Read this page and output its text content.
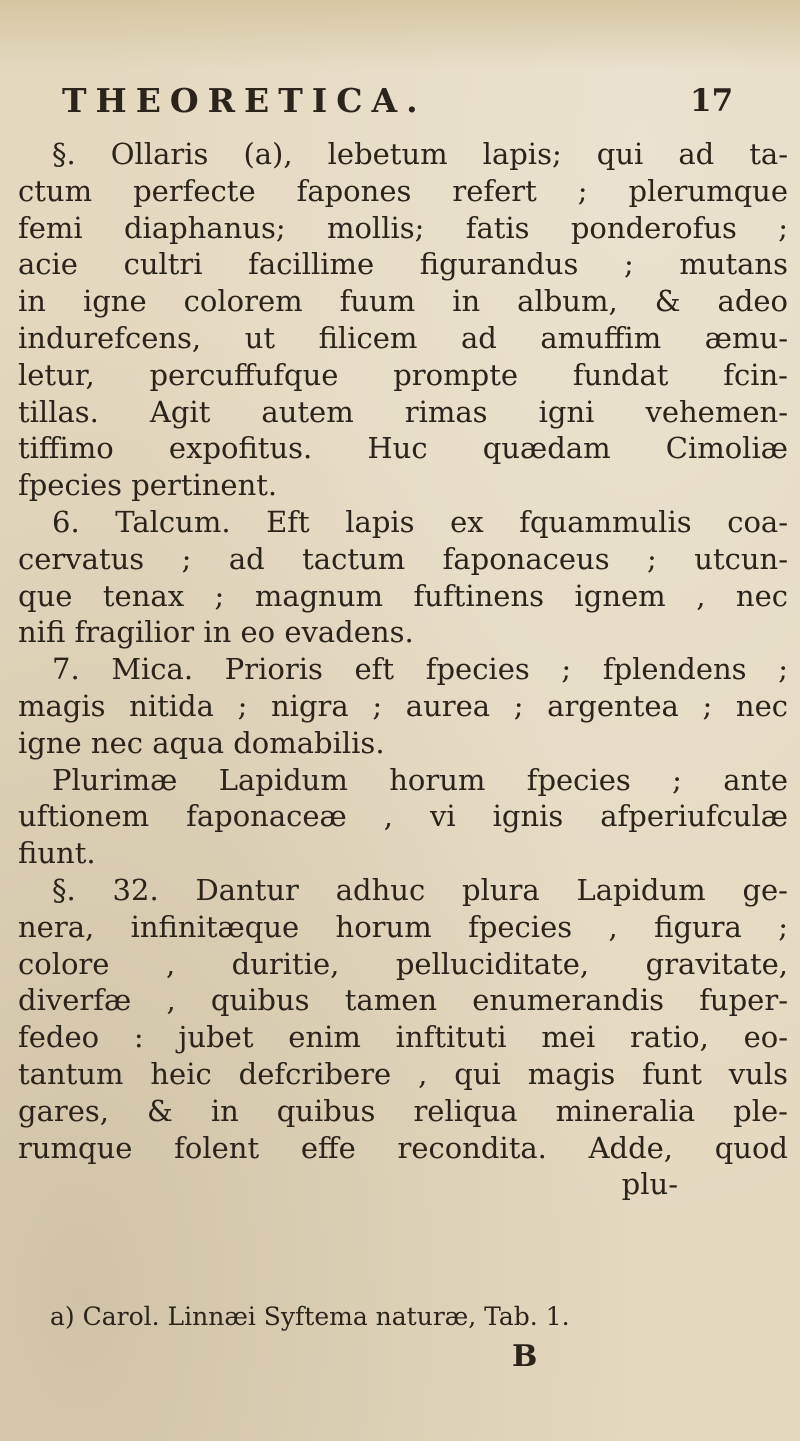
THEORETICA.	17
§. Ollaris (a), lebetum lapis; qui ad ta-
ctum perfecte fapones refert ; plerumque
femi diaphanus; mollis; fatis ponderofus ;
acie cultri facillime figurandus ; mutans
in igne colorem fuum in album, & adeo
indurefcens, ut filicem ad amuffim æmu-
letur, percuffufque prompte fundat fcin-
tillas. Agit autem rimas igni vehemen-
tiffimo expofitus. Huc quædam Cimoliæ
fpecies pertinent.
6. Talcum. Eft lapis ex fquammulis coa-
cervatus ; ad tactum faponaceus ; utcun-
que tenax ; magnum fuftinens ignem , nec
nifi fragilior in eo evadens.
7. Mica. Prioris eft fpecies ; fplendens ;
magis nitida ; nigra ; aurea ; argentea ; nec
igne nec aqua domabilis.
Plurimæ Lapidum horum fpecies ; ante
uftionem faponaceæ , vi ignis afperiufculæ
fiunt.
§. 32. Dantur adhuc plura Lapidum ge-
nera, infinitæque horum fpecies , figura ;
colore , duritie, pelluciditate, gravitate,
diverfæ , quibus tamen enumerandis fuper-
fedeo : jubet enim inftituti mei ratio, eo-
tantum heic defcribere , qui magis funt vuls
gares, & in quibus reliqua mineralia ple-
rumque folent effe recondita. Adde, quod
plu-
a) Carol. Linnæi Syftema naturæ, Tab. 1.
B
